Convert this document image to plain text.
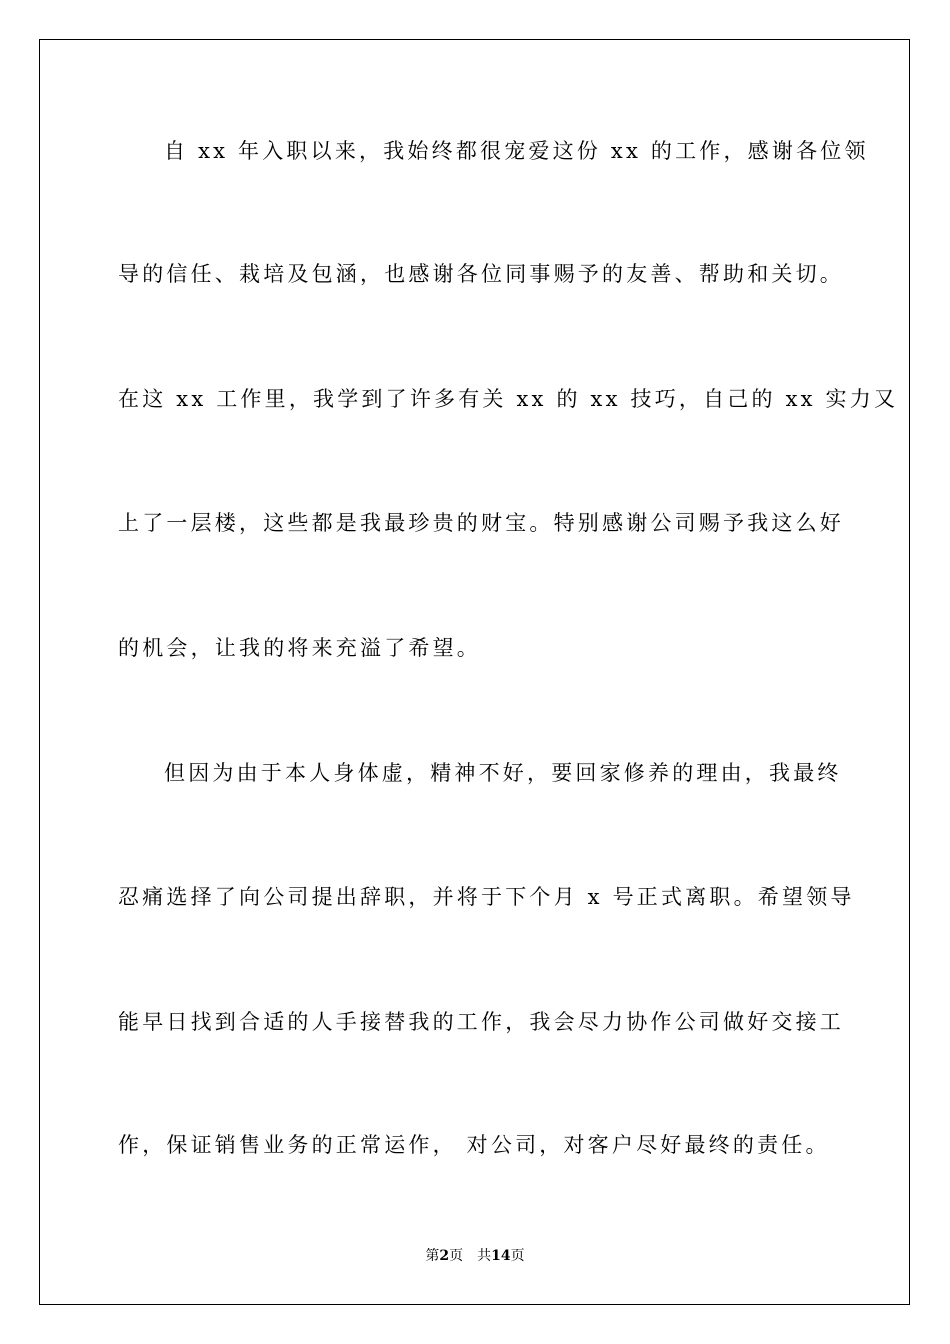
自 xx 年入职以来，我始终都很宠爱这份 xx 的工作，感谢各位领
导的信任、栽培及包涵，也感谢各位同事赐予的友善、帮助和关切。
在这 xx 工作里，我学到了许多有关 xx 的 xx 技巧，自己的 xx 实力又
上了一层楼，这些都是我最珍贵的财宝。特别感谢公司赐予我这么好
的机会，让我的将来充溢了希望。
但因为由于本人身体虚，精神不好，要回家修养的理由，我最终
忍痛选择了向公司提出辞职，并将于下个月 x 号正式离职。希望领导
能早日找到合适的人手接替我的工作，我会尽力协作公司做好交接工
作，保证销售业务的正常运作， 对公司，对客户尽好最终的责任。
第2页 共14页
